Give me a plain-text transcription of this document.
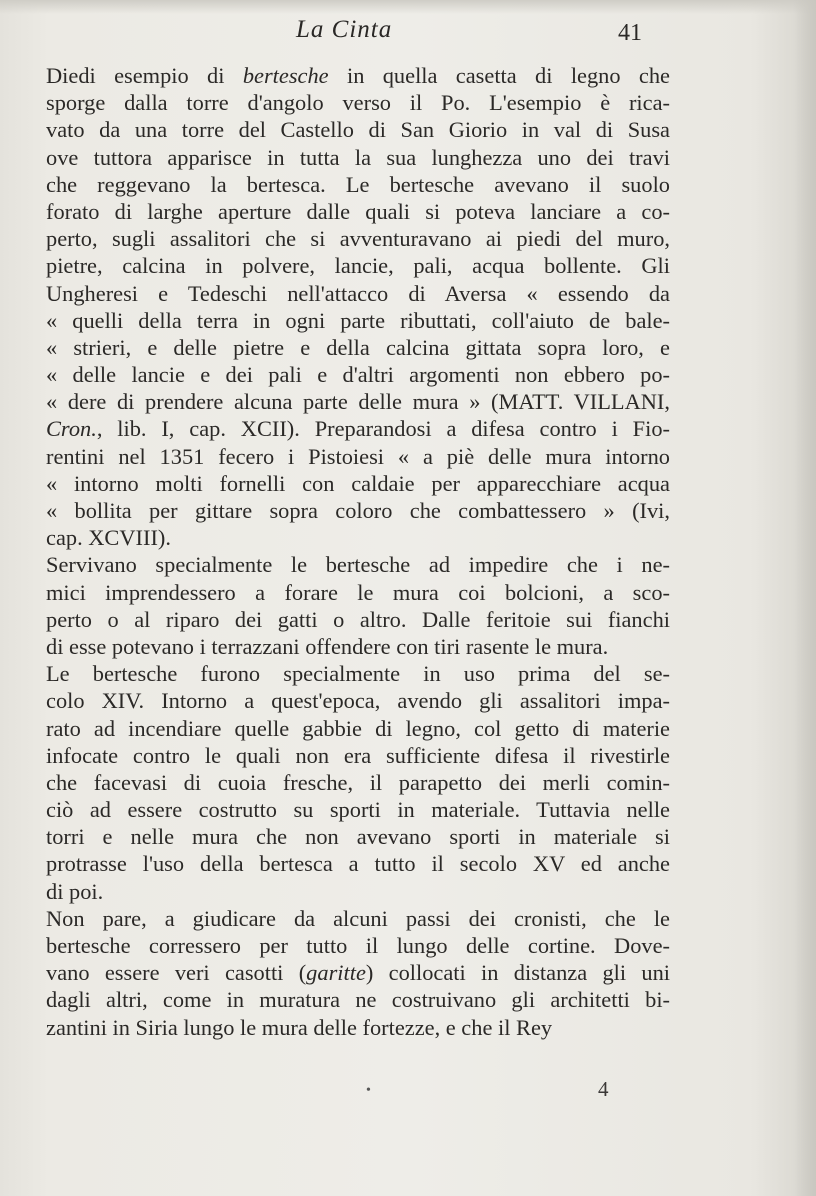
La Cinta	41
Diedi esempio di bertesche in quella casetta di legno che
sporge dalla torre d'angolo verso il Po. L'esempio è rica-
vato da una torre del Castello di San Giorio in val di Susa
ove tuttora apparisce in tutta la sua lunghezza uno dei travi
che reggevano la bertesca. Le bertesche avevano il suolo
forato di larghe aperture dalle quali si poteva lanciare a co-
perto, sugli assalitori che si avventuravano ai piedi del muro,
pietre, calcina in polvere, lancie, pali, acqua bollente. Gli
Ungheresi e Tedeschi nell'attacco di Aversa « essendo da
« quelli della terra in ogni parte ributtati, coll'aiuto de bale-
« strieri, e delle pietre e della calcina gittata sopra loro, e
« delle lancie e dei pali e d'altri argomenti non ebbero po-
« dere di prendere alcuna parte delle mura » (MATT. VILLANI,
Cron., lib. I, cap. XCII). Preparandosi a difesa contro i Fio-
rentini nel 1351 fecero i Pistoiesi « a piè delle mura intorno
« intorno molti fornelli con caldaie per apparecchiare acqua
« bollita per gittare sopra coloro che combattessero » (Ivi,
cap. XCVIII).
Servivano specialmente le bertesche ad impedire che i ne-
mici imprendessero a forare le mura coi bolcioni, a sco-
perto o al riparo dei gatti o altro. Dalle feritoie sui fianchi
di esse potevano i terrazzani offendere con tiri rasente le mura.
Le bertesche furono specialmente in uso prima del se-
colo XIV. Intorno a quest'epoca, avendo gli assalitori impa-
rato ad incendiare quelle gabbie di legno, col getto di materie
infocate contro le quali non era sufficiente difesa il rivestirle
che facevasi di cuoia fresche, il parapetto dei merli comin-
ciò ad essere costrutto su sporti in materiale. Tuttavia nelle
torri e nelle mura che non avevano sporti in materiale si
protrasse l'uso della bertesca a tutto il secolo XV ed anche
di poi.
Non pare, a giudicare da alcuni passi dei cronisti, che le
bertesche corressero per tutto il lungo delle cortine. Dove-
vano essere veri casotti (garitte) collocati in distanza gli uni
dagli altri, come in muratura ne costruivano gli architetti bi-
zantini in Siria lungo le mura delle fortezze, e che il Rey
•	4
